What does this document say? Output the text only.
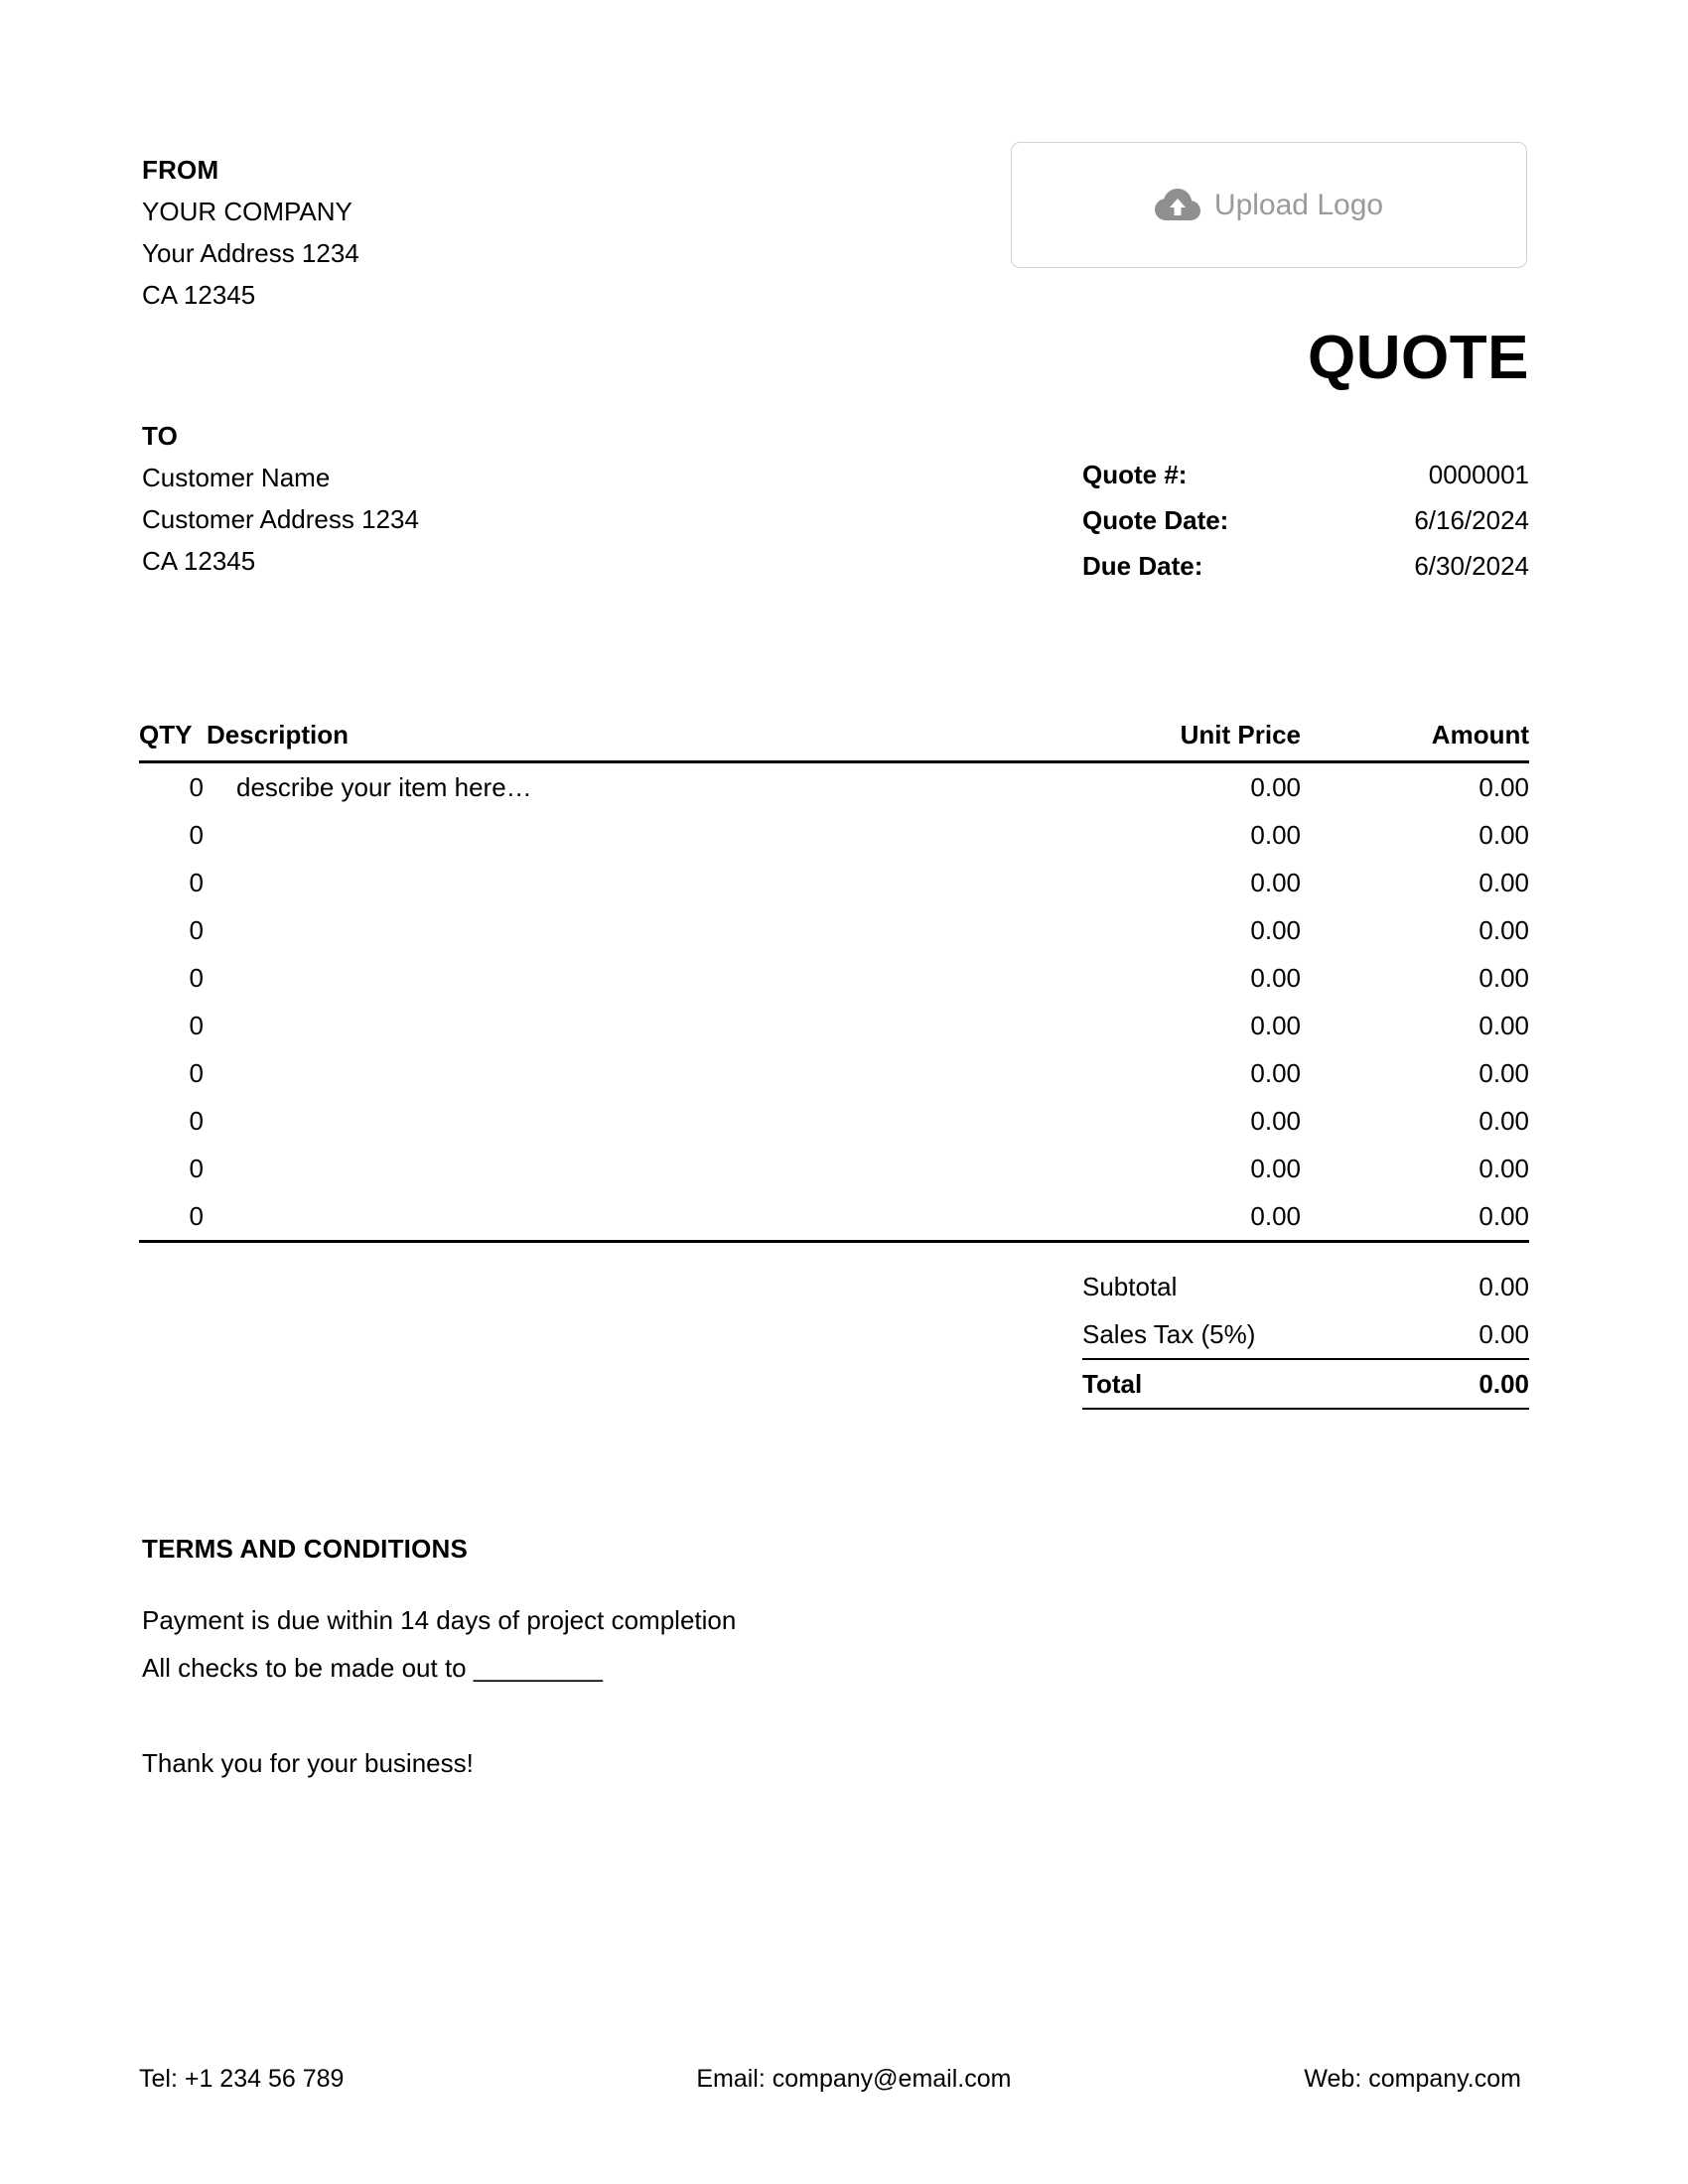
FROM
YOUR COMPANY
Your Address 1234
CA 12345
Upload Logo
QUOTE
TO
Customer Name
Customer Address 1234
CA 12345
Quote #:	0000001
Quote Date:	6/16/2024
Due Date:	6/30/2024
QTY	Description	Unit Price	Amount
0	describe your item here…	0.00	0.00
0		0.00	0.00
0		0.00	0.00
0		0.00	0.00
0		0.00	0.00
0		0.00	0.00
0		0.00	0.00
0		0.00	0.00
0		0.00	0.00
0		0.00	0.00
Subtotal	0.00
Sales Tax (5%)	0.00
Total	0.00
TERMS AND CONDITIONS
Payment is due within 14 days of project completion
All checks to be made out to _________
Thank you for your business!
Tel: +1 234 56 789	Email: company@email.com	Web: company.com
